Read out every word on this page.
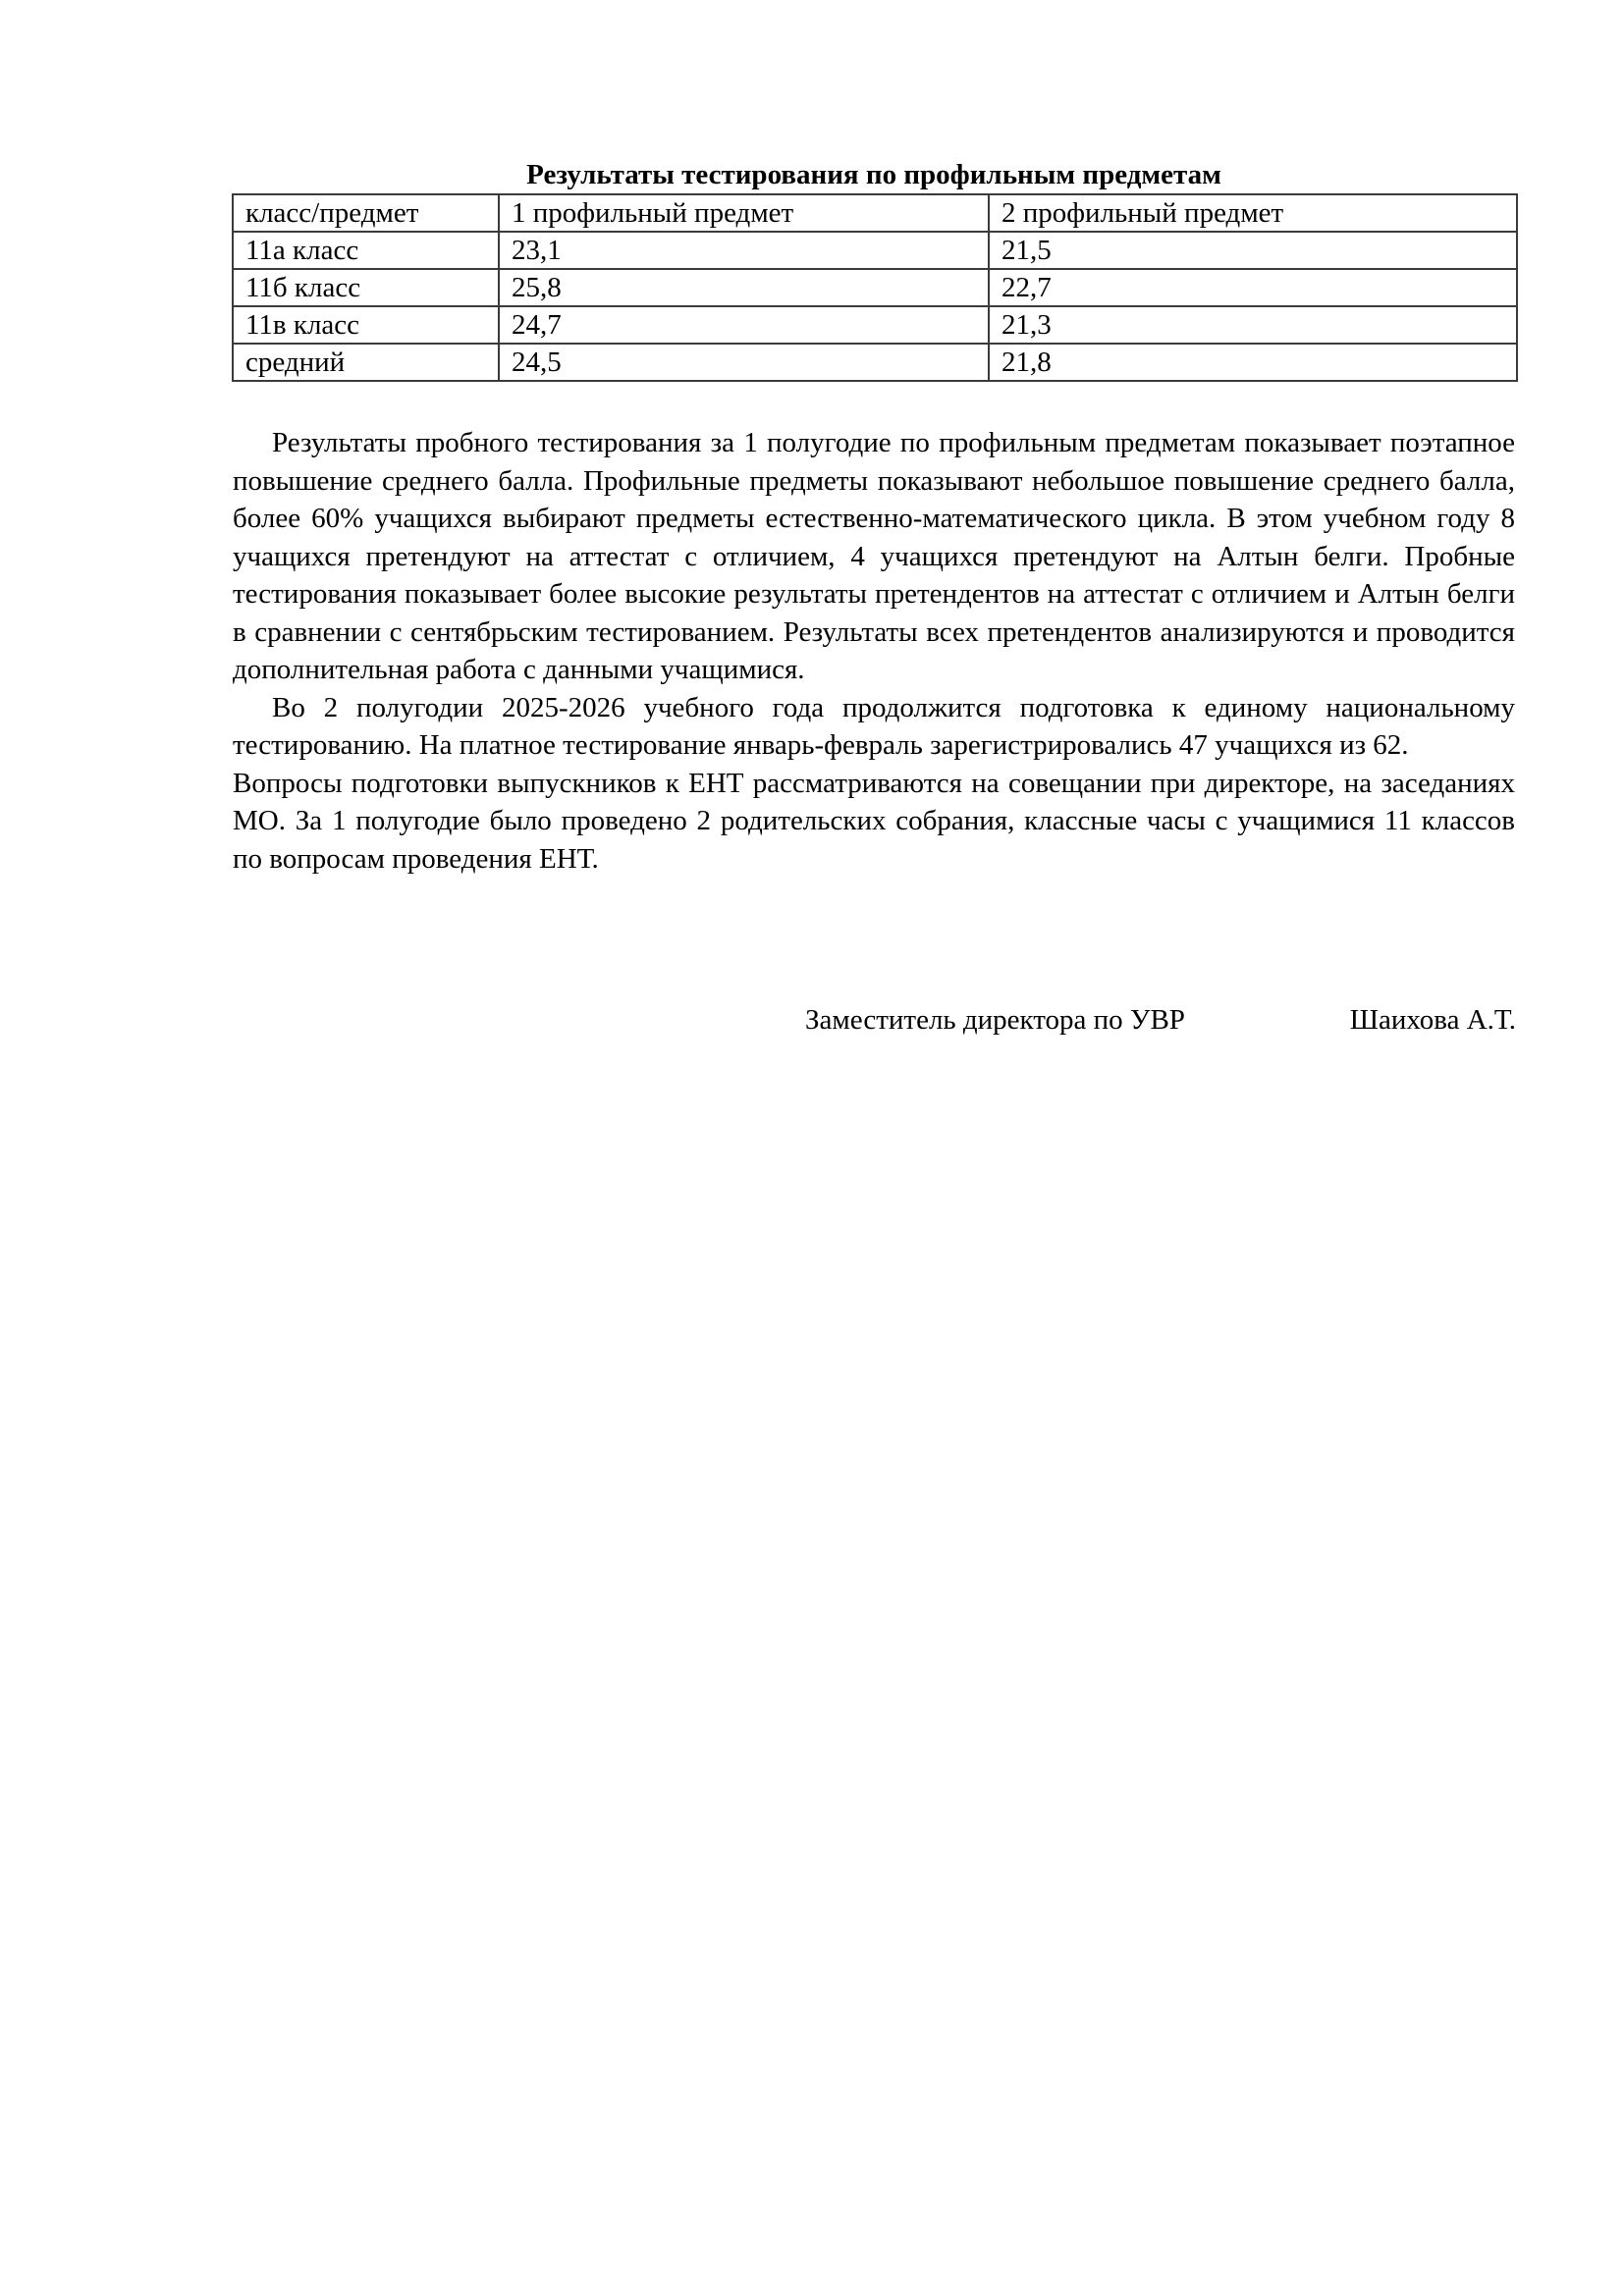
Результаты тестирования по профильным предметам
класс/предмет	1 профильный предмет	2 профильный предмет
11а класс	23,1	21,5
11б класс	25,8	22,7
11в класс	24,7	21,3
средний	24,5	21,8

Результаты пробного тестирования за 1 полугодие по профильным предметам показывает поэтапное повышение среднего балла. Профильные предметы показывают небольшое повышение среднего балла, более 60% учащихся выбирают предметы естественно-математического цикла. В этом учебном году 8 учащихся претендуют на аттестат с отличием, 4 учащихся претендуют на Алтын белги. Пробные тестирования показывает более высокие результаты претендентов на аттестат с отличием и Алтын белги в сравнении с сентябрьским тестированием. Результаты всех претендентов анализируются и проводится дополнительная работа с данными учащимися.

Во 2 полугодии 2025-2026 учебного года продолжится подготовка к единому национальному тестированию. На платное тестирование январь-февраль зарегистрировались 47 учащихся из 62.

Вопросы подготовки выпускников к ЕНТ рассматриваются на совещании при директоре, на заседаниях МО. За 1 полугодие было проведено 2 родительских собрания, классные часы с учащимися 11 классов по вопросам проведения ЕНТ.

Заместитель директора по УВР	Шаихова А.Т.
